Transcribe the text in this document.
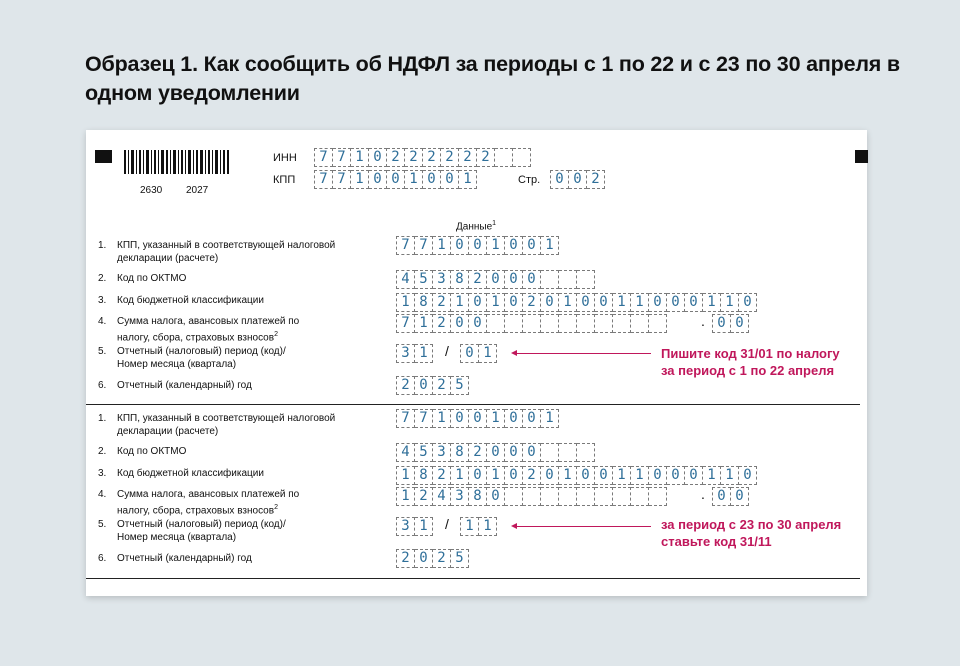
Образец 1. Как сообщить об НДФЛ за периоды с 1 по 22 и с 23 по 30 апреля в одном уведомлении
2630 2027
ИНН	7 7 1 0 2 2 2 2 2 2
КПП	7 7 1 0 0 1 0 0 1	Стр.	0 0 2
Данные$^1$
1. КПП, указанный в соответствующей налоговой
декларации (расчете)
7 7 1 0 0 1 0 0 1
2. Код по ОКТМО	4 5 3 8 2 0 0 0
3. Код бюджетной классификации	1 8 2 1 0 1 0 2 0 1 0 0 1 1 0 0 0 1 1 0
4. Сумма налога, авансовых платежей по
налогу, сбора, страховых взносов$^2$
7 1 2 0 0	. 0 0
5. Отчетный (налоговый) период (код)/
Номер месяца (квартала)
3 1	/	0 1
6. Отчетный (календарный) год	2 0 2 5
Пишите код 31/01 по налогу
за период с 1 по 22 апреля
1. КПП, указанный в соответствующей налоговой
декларации (расчете)
7 7 1 0 0 1 0 0 1
2. Код по ОКТМО	4 5 3 8 2 0 0 0
3. Код бюджетной классификации	1 8 2 1 0 1 0 2 0 1 0 0 1 1 0 0 0 1 1 0
4. Сумма налога, авансовых платежей по
налогу, сбора, страховых взносов$^2$
1 2 4 3 8 0	. 0 0
5. Отчетный (налоговый) период (код)/
Номер месяца (квартала)
3 1	/	1 1
6. Отчетный (календарный) год	2 0 2 5
за период с 23 по 30 апреля
ставьте код 31/11
